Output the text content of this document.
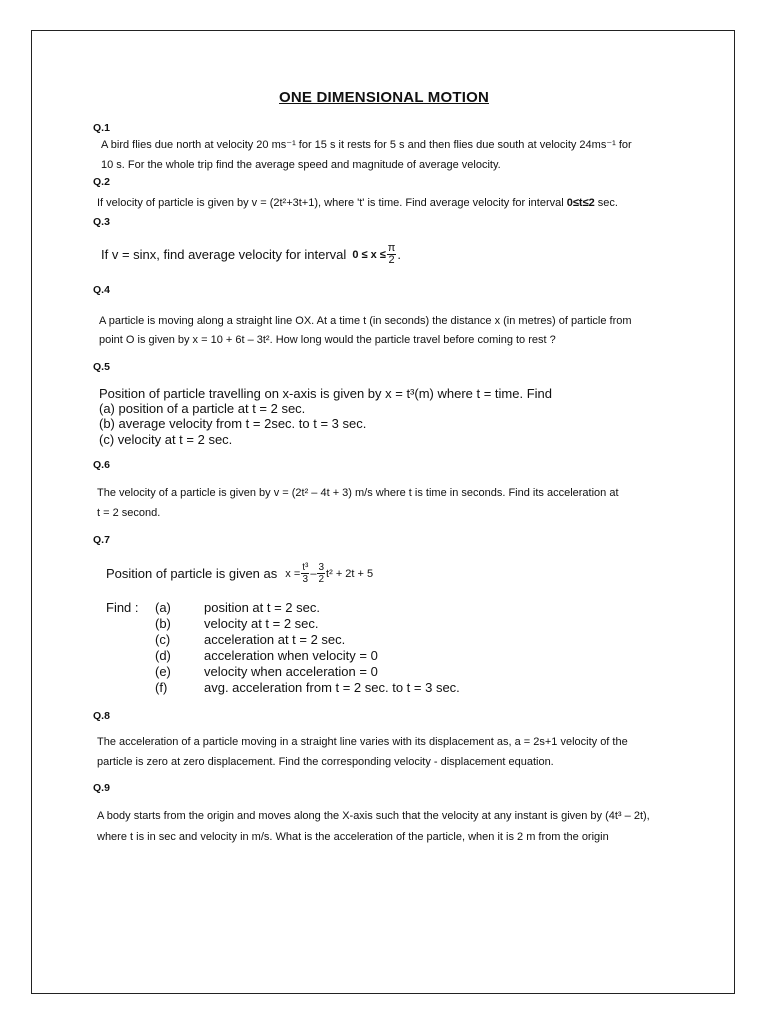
ONE DIMENSIONAL MOTION
Q.1
A bird flies due north at velocity 20 ms⁻¹ for 15 s it rests for 5 s and then flies due south at velocity 24ms⁻¹ for
10 s. For the whole trip find the average speed and magnitude of average velocity.
Q.2
If velocity of particle is given by v = (2t²+3t+1), where 't' is time. Find average velocity for interval 0≤t≤2 sec.
Q.3
If v = sinx, find average velocity for interval $0 \le x \le \frac{\pi}{2}$ .
Q.4
A particle is moving along a straight line OX. At a time t (in seconds) the distance x (in metres) of particle from
point O is given by x = 10 + 6t – 3t². How long would the particle travel before coming to rest ?
Q.5
Position of particle travelling on x-axis is given by x = t³(m) where t = time. Find
(a) position of a particle at t = 2 sec.
(b) average velocity from t = 2sec. to t = 3 sec.
(c) velocity at t = 2 sec.
Q.6
The velocity of a particle is given by v = (2t² – 4t + 3) m/s where t is time in seconds. Find its acceleration at
t = 2 second.
Q.7
Position of particle is given as $x = \frac{\text{t³}}{3} - \frac{3}{2} t^2 + 2t + 5$
Find : (a)	position at t = 2 sec.
(b)	velocity at t = 2 sec.
(c)	acceleration at t = 2 sec.
(d)	acceleration when velocity = 0
(e)	velocity when acceleration = 0
(f)	avg. acceleration from t = 2 sec. to t = 3 sec.
Q.8
The acceleration of a particle moving in a straight line varies with its displacement as, a = 2s+1 velocity of the
particle is zero at zero displacement. Find the corresponding velocity - displacement equation.
Q.9
A body starts from the origin and moves along the X-axis such that the velocity at any instant is given by (4t³ – 2t),
where t is in sec and velocity in m/s. What is the acceleration of the particle, when it is 2 m from the origin
